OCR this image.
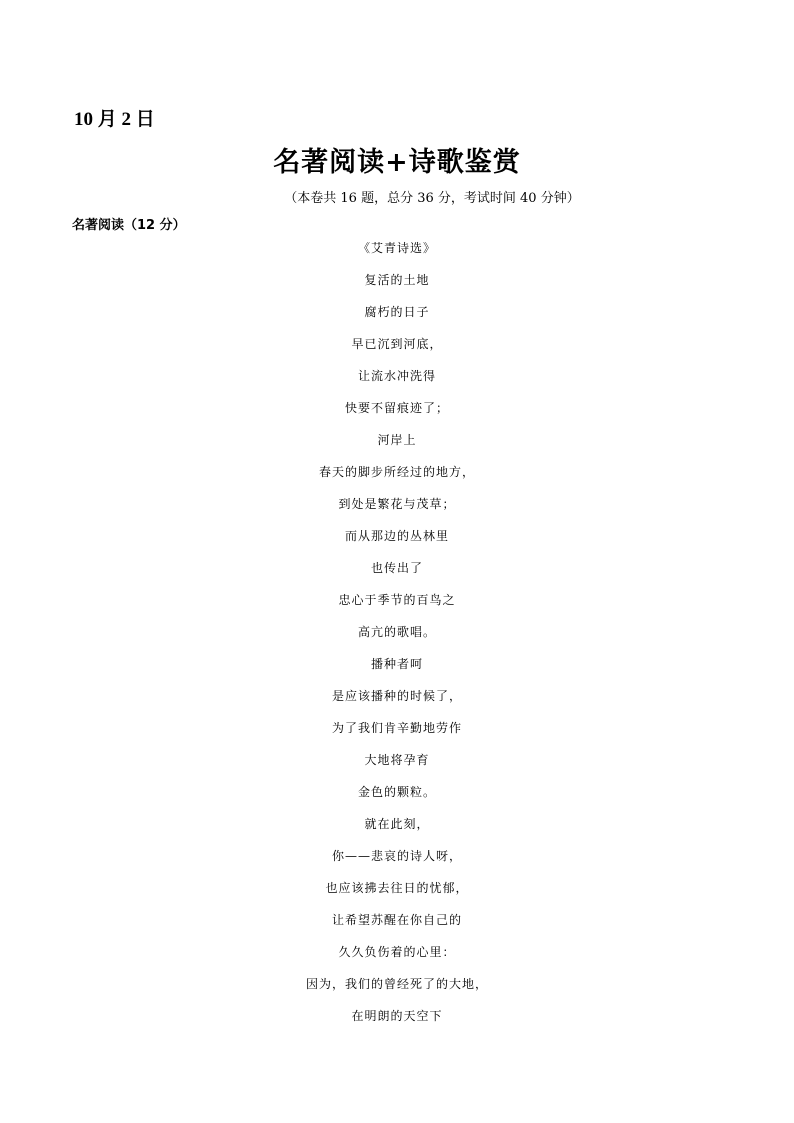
10 月 2 日
名著阅读+诗歌鉴赏
（本卷共 16 题，总分 36 分，考试时间 40 分钟）
名著阅读（12 分）
《艾青诗选》
复活的土地
腐朽的日子
早已沉到河底，
让流水冲洗得
快要不留痕迹了；
河岸上
春天的脚步所经过的地方，
到处是繁花与茂草；
而从那边的丛林里
也传出了
忠心于季节的百鸟之
高亢的歌唱。
播种者呵
是应该播种的时候了，
为了我们肯辛勤地劳作
大地将孕育
金色的颗粒。
就在此刻，
你——悲哀的诗人呀，
也应该拂去往日的忧郁，
让希望苏醒在你自己的
久久负伤着的心里：
因为，我们的曾经死了的大地，
在明朗的天空下
